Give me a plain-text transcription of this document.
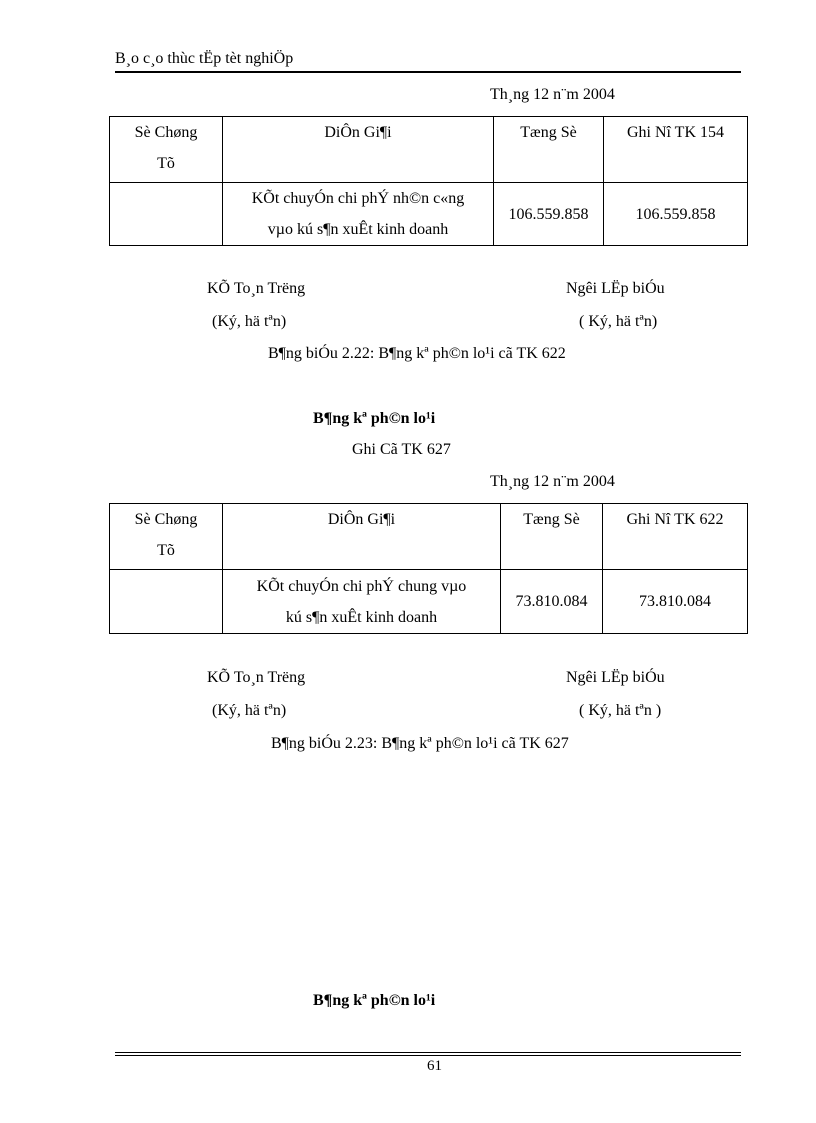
B¸o c¸o thùc tËp tèt nghiÖp
Th¸ng 12 n¨m 2004
Sè Chøng
Tõ	DiÔn Gi¶i	Tæng Sè	Ghi Nî TK 154

	KÕt chuyÓn chi phÝ nh©n c«ng
vµo kú s¶n xuÊt kinh doanh	106.559.858	106.559.858
KÕ To¸n Trëng	Ngêi LËp biÓu
(Ký, hä tªn)	( Ký, hä tªn)
B¶ng biÓu 2.22: B¶ng kª ph©n lo¹i cã TK 622
B¶ng kª ph©n lo¹i
Ghi Cã TK 627
Th¸ng 12 n¨m 2004
Sè Chøng
Tõ	DiÔn Gi¶i	Tæng Sè	Ghi Nî TK 622

	KÕt chuyÓn chi phÝ chung vµo
kú s¶n xuÊt kinh doanh	73.810.084	73.810.084
KÕ To¸n Trëng	Ngêi LËp biÓu
(Ký, hä tªn)	( Ký, hä tªn )
B¶ng biÓu 2.23: B¶ng kª ph©n lo¹i cã TK 627
B¶ng kª ph©n lo¹i
61
